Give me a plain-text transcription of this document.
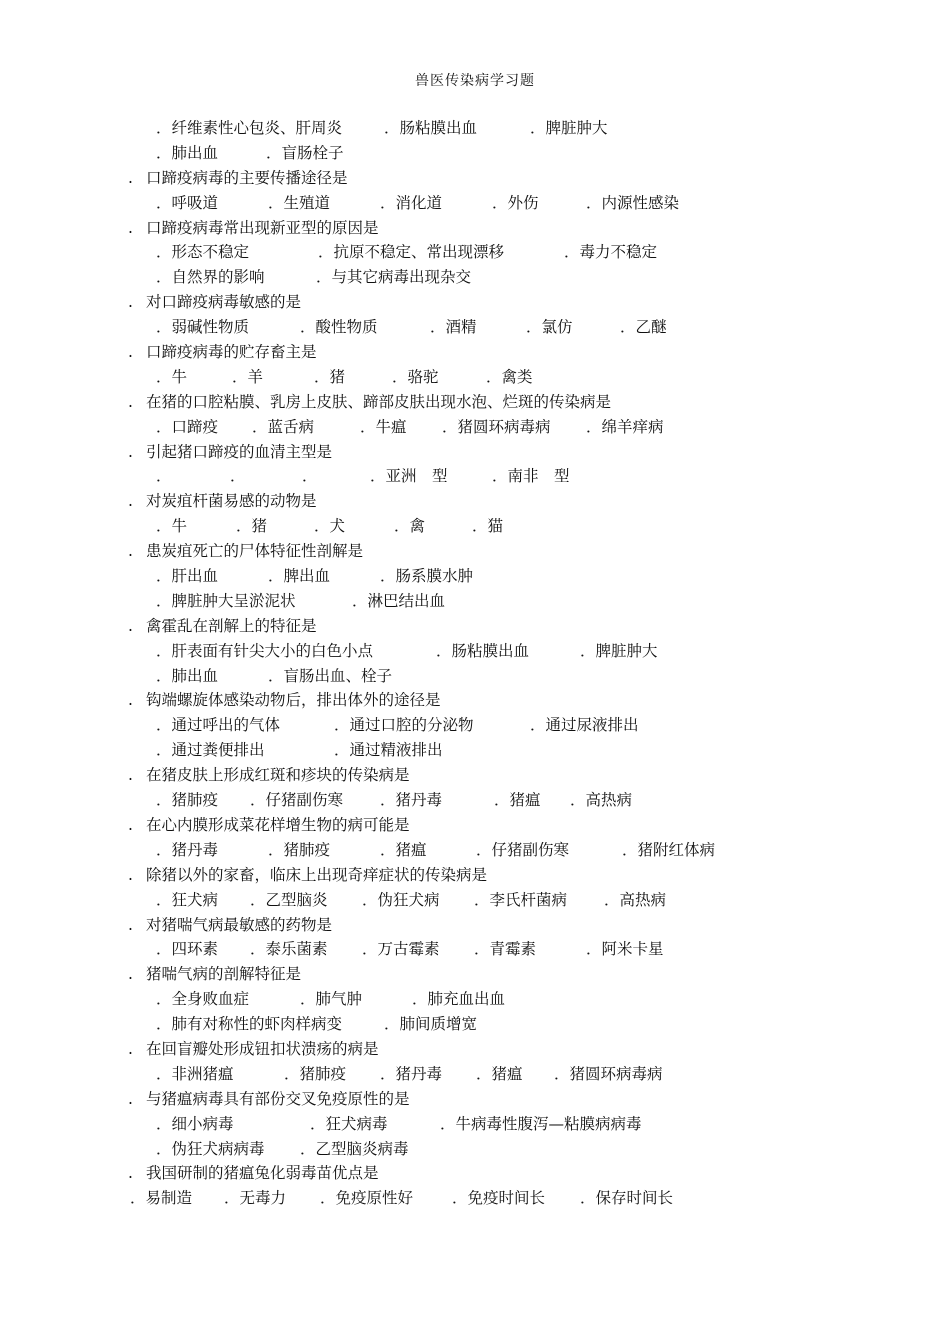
兽医传染病学习题
．纤维素性心包炎、肝周炎	．肠粘膜出血	．脾脏肿大
．肺出血	．盲肠栓子
. 口蹄疫病毒的主要传播途径是
．呼吸道	．生殖道	．消化道	．外伤	．内源性感染
. 口蹄疫病毒常出现新亚型的原因是
．形态不稳定	．抗原不稳定、常出现漂移	．毒力不稳定
．自然界的影响	．与其它病毒出现杂交
. 对口蹄疫病毒敏感的是
．弱碱性物质	．酸性物质	．酒精	．氯仿	．乙醚
. 口蹄疫病毒的贮存畜主是
．牛	．羊	．猪	．骆驼	．禽类
. 在猪的口腔粘膜、乳房上皮肤、蹄部皮肤出现水泡、烂斑的传染病是
．口蹄疫 ．蓝舌病	．牛瘟 ．猪圆环病毒病 ．绵羊痒病
. 引起猪口蹄疫的血清主型是
．	．	．	．亚洲　型	．南非　型
. 对炭疽杆菌易感的动物是
．牛	．猪	．犬	．禽	．猫
. 患炭疽死亡的尸体特征性剖解是
．肝出血	．脾出血	．肠系膜水肿
．脾脏肿大呈淤泥状	．淋巴结出血
. 禽霍乱在剖解上的特征是
．肝表面有针尖大小的白色小点	．肠粘膜出血	．脾脏肿大
．肺出血	．盲肠出血、栓子
. 钩端螺旋体感染动物后，排出体外的途径是
．通过呼出的气体	．通过口腔的分泌物	．通过尿液排出
．通过粪便排出	．通过精液排出
. 在猪皮肤上形成红斑和疹块的传染病是
．猪肺疫 ．仔猪副伤寒 ．猪丹毒	．猪瘟 ．高热病
. 在心内膜形成菜花样增生物的病可能是
．猪丹毒	．猪肺疫	．猪瘟	．仔猪副伤寒	．猪附红体病
. 除猪以外的家畜，临床上出现奇痒症状的传染病是
．狂犬病 ．乙型脑炎 ．伪狂犬病 ．李氏杆菌病 ．高热病
. 对猪喘气病最敏感的药物是
．四环素 ．泰乐菌素 ．万古霉素 ．青霉素	．阿米卡星
. 猪喘气病的剖解特征是
．全身败血症	．肺气肿	．肺充血出血
．肺有对称性的虾肉样病变	．肺间质增宽
. 在回盲瓣处形成钮扣状溃疡的病是
．非洲猪瘟	．猪肺疫 ．猪丹毒 ．猪瘟 ．猪圆环病毒病
. 与猪瘟病毒具有部份交叉免疫原性的是
．细小病毒	．狂犬病毒	．牛病毒性腹泻—粘膜病病毒
．伪狂犬病病毒 ．乙型脑炎病毒
. 我国研制的猪瘟兔化弱毒苗优点是
．易制造 ．无毒力 ．免疫原性好	．免疫时间长 ．保存时间长
